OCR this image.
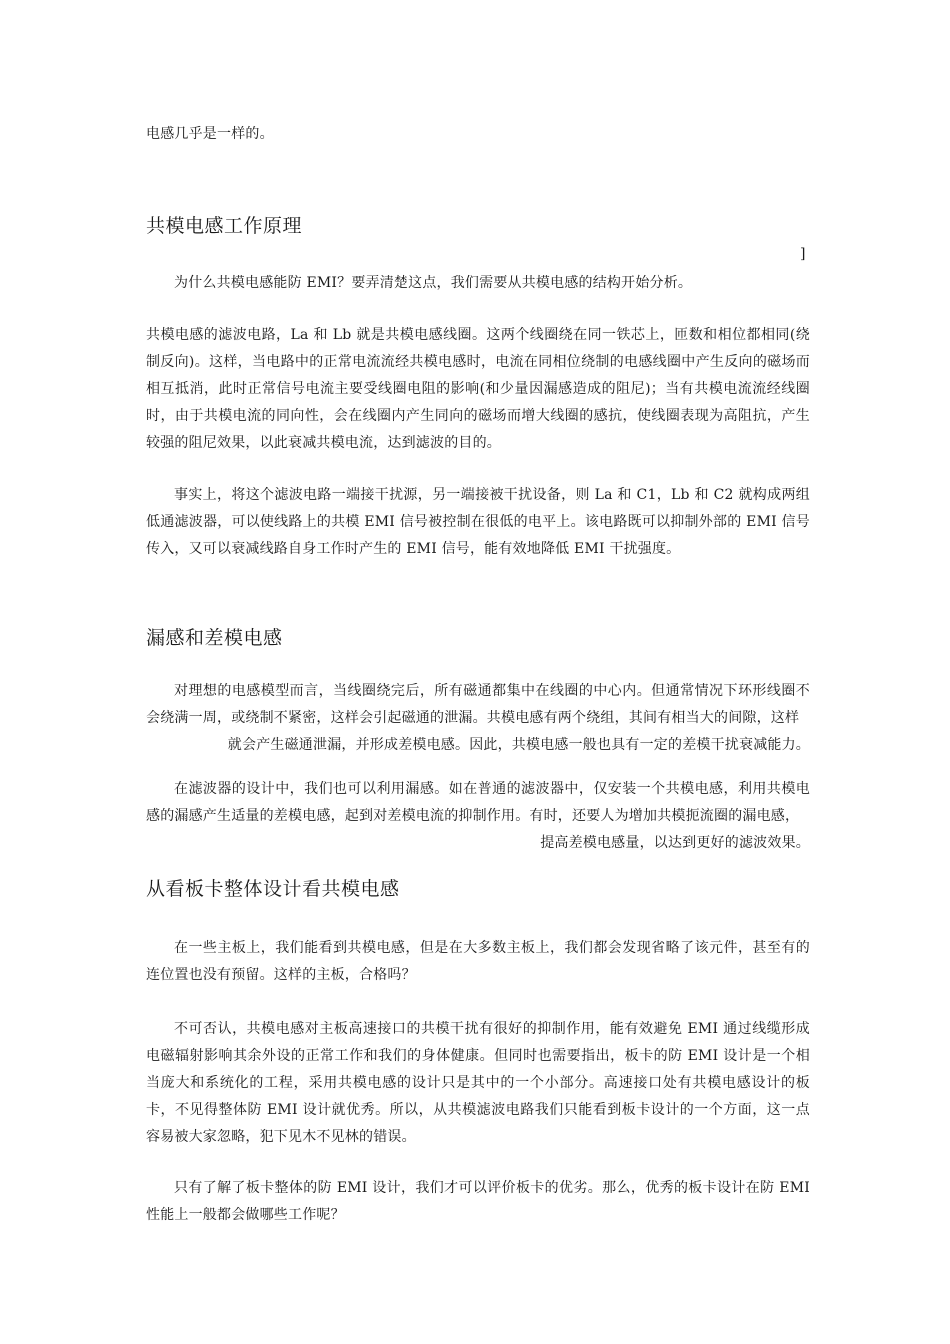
电感几乎是一样的。

共模电感工作原理
]

为什么共模电感能防 EMI？要弄清楚这点，我们需要从共模电感的结构开始分析。

共模电感的滤波电路，La 和 Lb 就是共模电感线圈。这两个线圈绕在同一铁芯上，匝数和相位都相同(绕制反向)。这样，当电路中的正常电流流经共模电感时，电流在同相位绕制的电感线圈中产生反向的磁场而相互抵消，此时正常信号电流主要受线圈电阻的影响(和少量因漏感造成的阻尼)；当有共模电流流经线圈时，由于共模电流的同向性，会在线圈内产生同向的磁场而增大线圈的感抗，使线圈表现为高阻抗，产生较强的阻尼效果，以此衰减共模电流，达到滤波的目的。

事实上，将这个滤波电路一端接干扰源，另一端接被干扰设备，则 La 和 C1，Lb 和 C2 就构成两组低通滤波器，可以使线路上的共模 EMI 信号被控制在很低的电平上。该电路既可以抑制外部的 EMI 信号传入，又可以衰减线路自身工作时产生的 EMI 信号，能有效地降低 EMI 干扰强度。

漏感和差模电感

对理想的电感模型而言，当线圈绕完后，所有磁通都集中在线圈的中心内。但通常情况下环形线圈不会绕满一周，或绕制不紧密，这样会引起磁通的泄漏。共模电感有两个绕组，其间有相当大的间隙，这样
就会产生磁通泄漏，并形成差模电感。因此，共模电感一般也具有一定的差模干扰衰减能力。

在滤波器的设计中，我们也可以利用漏感。如在普通的滤波器中，仅安装一个共模电感，利用共模电感的漏感产生适量的差模电感，起到对差模电流的抑制作用。有时，还要人为增加共模扼流圈的漏电感，
提高差模电感量，以达到更好的滤波效果。

从看板卡整体设计看共模电感

在一些主板上，我们能看到共模电感，但是在大多数主板上，我们都会发现省略了该元件，甚至有的连位置也没有预留。这样的主板，合格吗？

不可否认，共模电感对主板高速接口的共模干扰有很好的抑制作用，能有效避免 EMI 通过线缆形成电磁辐射影响其余外设的正常工作和我们的身体健康。但同时也需要指出，板卡的防 EMI 设计是一个相当庞大和系统化的工程，采用共模电感的设计只是其中的一个小部分。高速接口处有共模电感设计的板卡，不见得整体防 EMI 设计就优秀。所以，从共模滤波电路我们只能看到板卡设计的一个方面，这一点容易被大家忽略，犯下见木不见林的错误。

只有了解了板卡整体的防 EMI 设计，我们才可以评价板卡的优劣。那么，优秀的板卡设计在防 EMI 性能上一般都会做哪些工作呢？
